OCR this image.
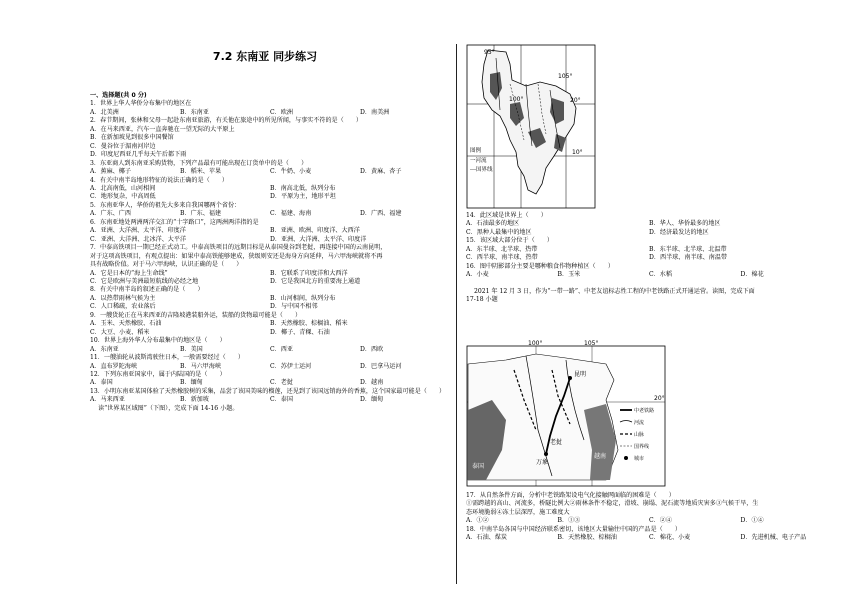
7.2 东南亚 同步练习
一、选择题(共 0 分)
1．世界上华人华侨分布集中的地区在
A．北美洲	B．东南亚	C．欧洲	D．南美洲
2．春节期间，张林和父母一起赴东南亚旅游，有关他在旅途中的所见所闻，与事实不符的是（　　）
A．在马来西亚，汽车一直奔驰在一望无际的大平原上
B．在新加坡见到很多中国餐馆
C．曼谷位于湄南河岸边
D．印度尼西亚几乎每天午后都下雨
3．东亚商人到东南亚采购货物，下列产品最有可能出现在订货单中的是（　　）
A．蕉麻、椰子	B．稻米、苹果	C．牛奶、小麦	D．黄麻、杏子
4．有关中南半岛地形特征的说法正确的是（　　）
A．北高南低，山河相间	B．南高北低，纵列分布
C．地形复杂，中高周低	D．平原为主，地形平坦
5．东南亚华人，华侨的祖先大多来自我国哪两个省份：
A．广东、广西	B．广东、福建	C．福建、海南	D．广西、福建
6．东南亚地处两洲两洋交汇的“十字路口”，这两洲两洋指的是
A．亚洲、大洋洲、太平洋、印度洋	B．亚洲、欧洲、印度洋、大西洋
C．亚洲、大洋洲、北冰洋、大平洋	D．亚洲、大洋洲、太平洋、印度洋
7．中泰高铁项目一期已经正式动工。中泰高铁项目的远期目标是从泰国曼谷到老挝，再连接中国的云南昆明，
对于这项高铁项目，有观点提出：如果中泰高铁能够建成，狭级则安还是海身方向延伸，马六甲海峡就将不再
具有战略价值。对于马六甲海峡，认识正确的是（　　）
A．它是日本的“海上生命线”	B．它联系了印度洋和大西洋
C．它是欧洲与美洲最短航线的必经之地	D．它是我国北方的重要海上通道
8．有关中南半岛的叙述正确的是（　　）
A．以热带雨林气候为主	B．山河相间，纵列分布
C．人口稀疏，农业落后	D．与中国不相邻
9．一艘货轮正在马来西亚的吉隆坡港装船外运，装船的货物最可能是（　　）
A．玉米、天然橡胶、石油	B．天然橡胶、棕榈油、稻米
C．大豆、小麦、稻米	D．椰子、青稞、石油
10．世界上海外华人分布最集中的地区是（　　）
A．东南亚	B．美国	C．西亚	D．西欧
11．一艘油轮从波斯湾驶往日本，一般需要经过（　　）
A．直布罗陀海峡	B．马六甲海峡	C．苏伊士运河	D．巴拿马运河
12．下列东南亚国家中，属于内陆国的是（　　）
A．泰国	B．缅甸	C．老挝	D．越南
13．小明东南亚某国体验了天然橡胶树的采集，品尝了该国美味的榴莲，还见到了该国远销海外的香蕉，这个国家最可能是（　　）
A．马来西亚	B．新加坡	C．泰国	D．缅甸
读“世界某区域图”（下图），完成下面 14-16 小题。
95°
100°
105°
20°
10°
图例
一河流
---国界线
14．此区域是世界上（　　）
A．石油最多的地区	B．华人、华侨最多的地区
C．黑种人最集中的地区	D．经济最发达的地区
15．该区域大部分位于（　　）
A．东半球、北半球、热带	B．东半球、北半球、北温带
C．西半球、南半球、热带	D．西半球、南半球、南温带
16．图中阴影部分主要是哪种粮食作物种植区（　　）
A．小麦	B．玉米	C．水稻	D．棉花
2021 年 12 月 3 日，作为“一带一路”、中老友谊标志性工程的中老铁路正式开通运营。读图，完成下面
17-18 小题
100°	105°
20°
昆明
万象
老挝
泰国
越南
中老铁路
河流
山脉
国界线
城市
17．从自然条件方面，分析中老铁路架设电气化接触网面临的困难是（　　）
①需跨越的高山、河流多，桥隧比例大②雨林条件不稳定，滑坡、崩塌、泥石流等地质灾害多③气候干旱，生
态环境脆弱④冻土层深厚，施工难度大
A．①②	B．①③	C．②④	D．①④
18．中南半岛各国与中国经济联系密切，该地区大量输往中国的产品是（　　）
A．石油、煤炭	B．天然橡胶、棕榈油	C．棉花、小麦	D．先进机械、电子产品
